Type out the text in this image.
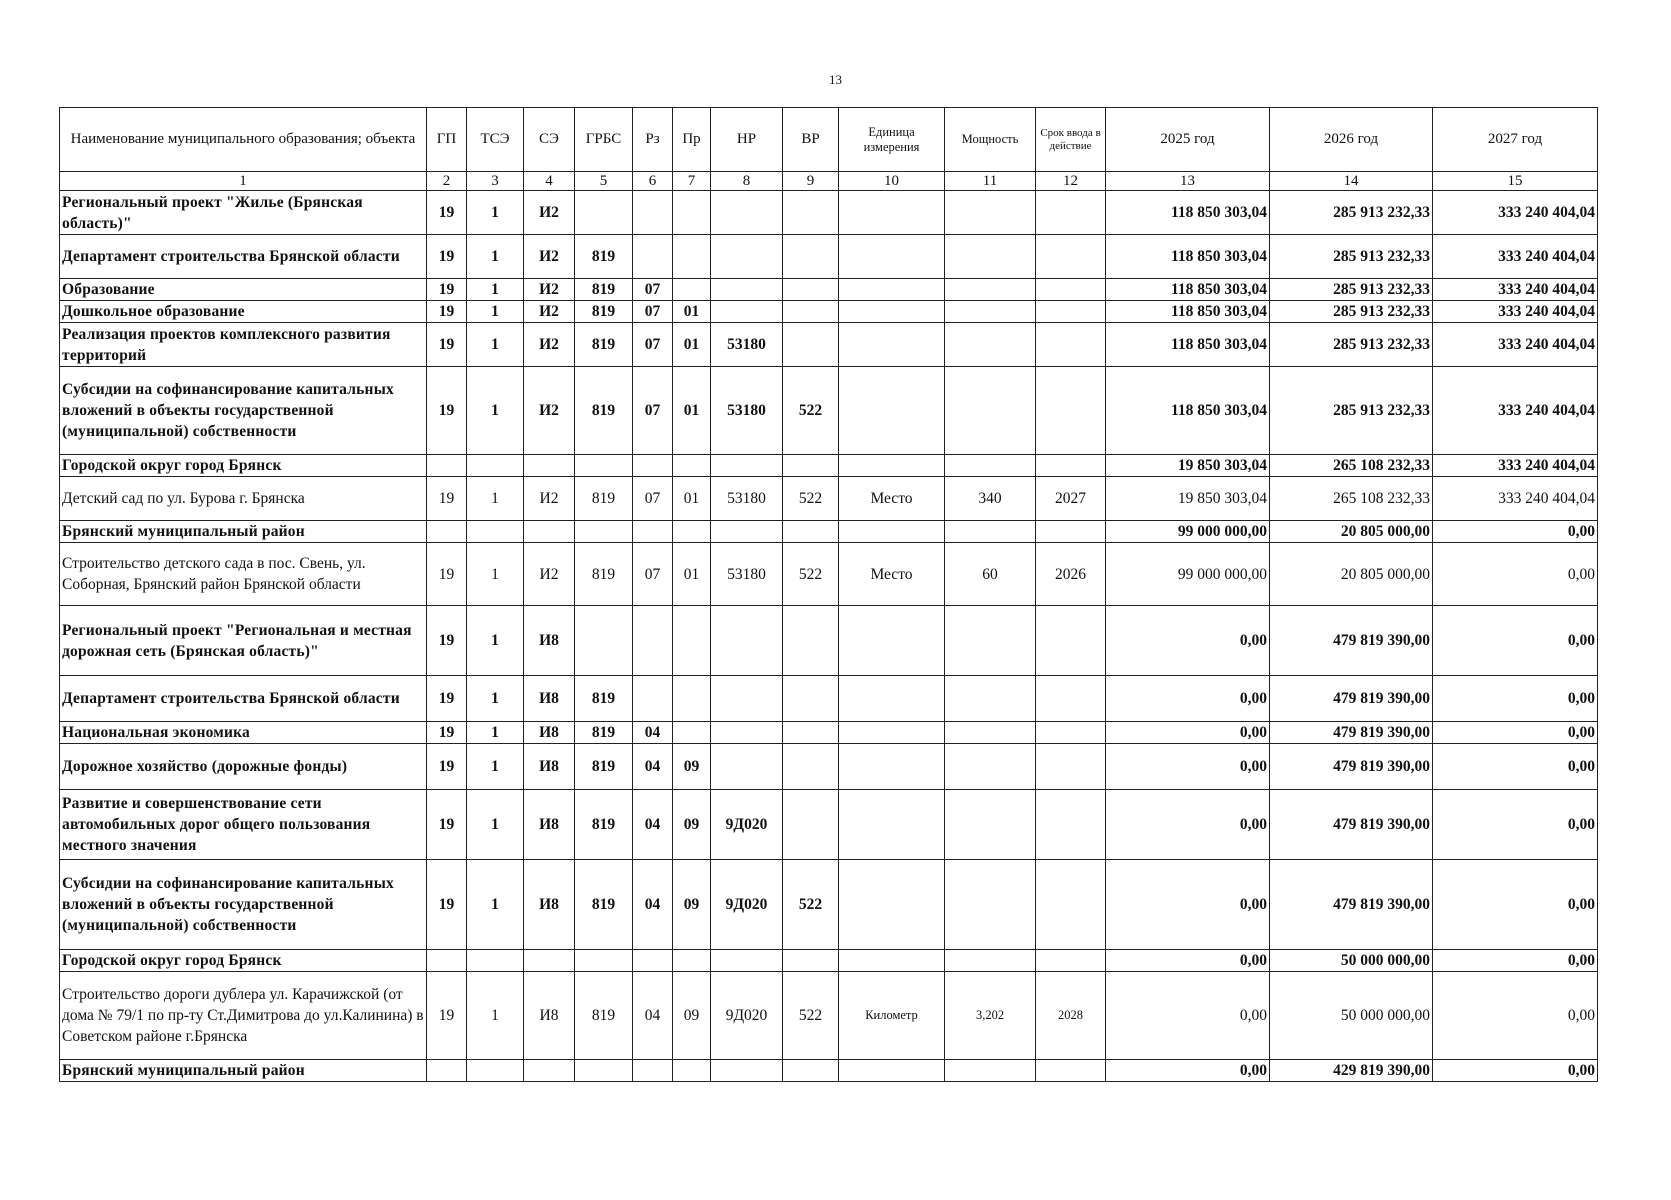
13
Наименование муниципального образования; объекта	ГП	ТСЭ	СЭ	ГРБС	Рз	Пр	НР	ВР	Единица измерения	Мощность	Срок ввода в действие	2025 год	2026 год	2027 год
1	2	3	4	5	6	7	8	9	10	11	12	13	14	15
Региональный проект "Жилье (Брянская область)"	19	1	И2									118 850 303,04	285 913 232,33	333 240 404,04
Департамент строительства Брянской области	19	1	И2	819								118 850 303,04	285 913 232,33	333 240 404,04
Образование	19	1	И2	819	07							118 850 303,04	285 913 232,33	333 240 404,04
Дошкольное образование	19	1	И2	819	07	01						118 850 303,04	285 913 232,33	333 240 404,04
Реализация проектов комплексного развития территорий	19	1	И2	819	07	01	53180					118 850 303,04	285 913 232,33	333 240 404,04
Субсидии на софинансирование капитальных вложений в объекты государственной (муниципальной) собственности	19	1	И2	819	07	01	53180	522				118 850 303,04	285 913 232,33	333 240 404,04
Городской округ город Брянск												19 850 303,04	265 108 232,33	333 240 404,04
Детский сад по ул. Бурова г. Брянска	19	1	И2	819	07	01	53180	522	Место	340	2027	19 850 303,04	265 108 232,33	333 240 404,04
Брянский муниципальный район												99 000 000,00	20 805 000,00	0,00
Строительство детского сада в пос. Свень, ул. Соборная, Брянский район Брянской области	19	1	И2	819	07	01	53180	522	Место	60	2026	99 000 000,00	20 805 000,00	0,00
Региональный проект "Региональная и местная дорожная сеть (Брянская область)"	19	1	И8									0,00	479 819 390,00	0,00
Департамент строительства Брянской области	19	1	И8	819								0,00	479 819 390,00	0,00
Национальная экономика	19	1	И8	819	04							0,00	479 819 390,00	0,00
Дорожное хозяйство (дорожные фонды)	19	1	И8	819	04	09						0,00	479 819 390,00	0,00
Развитие и совершенствование сети автомобильных дорог общего пользования местного значения	19	1	И8	819	04	09	9Д020					0,00	479 819 390,00	0,00
Субсидии на софинансирование капитальных вложений в объекты государственной (муниципальной) собственности	19	1	И8	819	04	09	9Д020	522				0,00	479 819 390,00	0,00
Городской округ город Брянск												0,00	50 000 000,00	0,00
Строительство дороги дублера ул. Карачижской (от дома № 79/1 по пр-ту Ст.Димитрова до ул.Калинина) в Советском районе г.Брянска	19	1	И8	819	04	09	9Д020	522	Километр	3,202	2028	0,00	50 000 000,00	0,00
Брянский муниципальный район												0,00	429 819 390,00	0,00
